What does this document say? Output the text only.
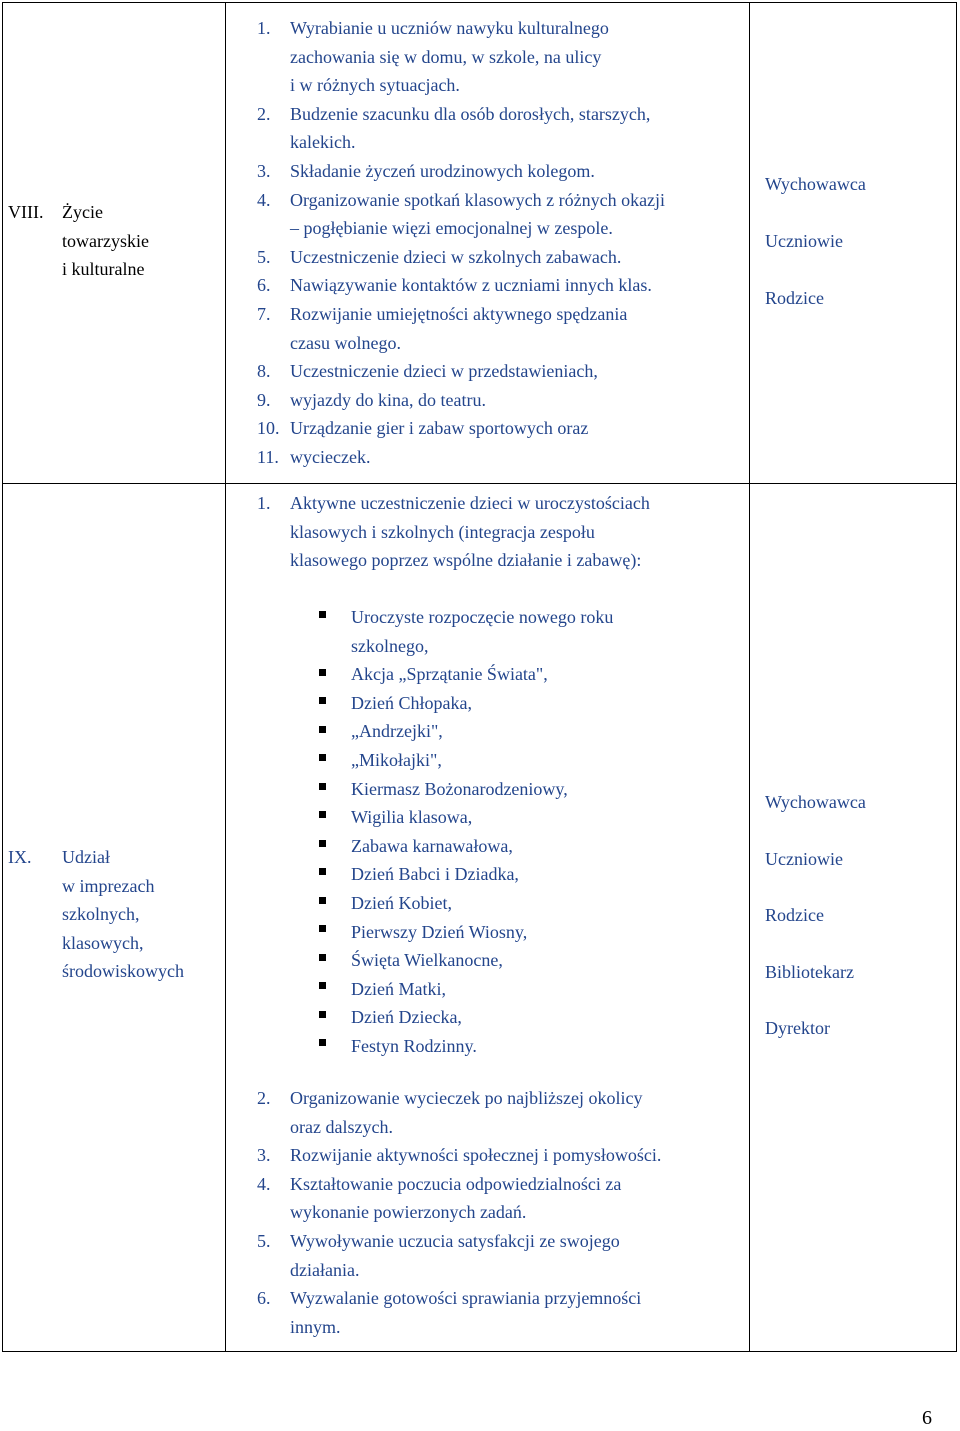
VIII. Życie
towarzyskie
i kulturalne
1. Wyrabianie u uczniów nawyku kulturalnego
zachowania się w domu, w szkole, na ulicy
i w różnych sytuacjach.
2. Budzenie szacunku dla osób dorosłych, starszych,
kalekich.
3. Składanie życzeń urodzinowych kolegom.
4. Organizowanie spotkań klasowych z różnych okazji
– pogłębianie więzi emocjonalnej w zespole.
5. Uczestniczenie dzieci w szkolnych zabawach.
6. Nawiązywanie kontaktów z uczniami innych klas.
7. Rozwijanie umiejętności aktywnego spędzania
czasu wolnego.
8. Uczestniczenie dzieci w przedstawieniach,
9. wyjazdy do kina, do teatru.
10. Urządzanie gier i zabaw sportowych oraz
11. wycieczek.
Wychowawca
Uczniowie
Rodzice
IX. Udział
w imprezach
szkolnych,
klasowych,
środowiskowych
1. Aktywne uczestniczenie dzieci w uroczystościach
klasowych i szkolnych (integracja zespołu
klasowego poprzez wspólne działanie i zabawę):
Uroczyste rozpoczęcie nowego roku
szkolnego,
Akcja „Sprzątanie Świata",
Dzień Chłopaka,
„Andrzejki",
„Mikołajki",
Kiermasz Bożonarodzeniowy,
Wigilia klasowa,
Zabawa karnawałowa,
Dzień Babci i Dziadka,
Dzień Kobiet,
Pierwszy Dzień Wiosny,
Święta Wielkanocne,
Dzień Matki,
Dzień Dziecka,
Festyn Rodzinny.
2. Organizowanie wycieczek po najbliższej okolicy
oraz dalszych.
3. Rozwijanie aktywności społecznej i pomysłowości.
4. Kształtowanie poczucia odpowiedzialności za
wykonanie powierzonych zadań.
5. Wywoływanie uczucia satysfakcji ze swojego
działania.
6. Wyzwalanie gotowości sprawiania przyjemności
innym.
Wychowawca
Uczniowie
Rodzice
Bibliotekarz
Dyrektor
6
